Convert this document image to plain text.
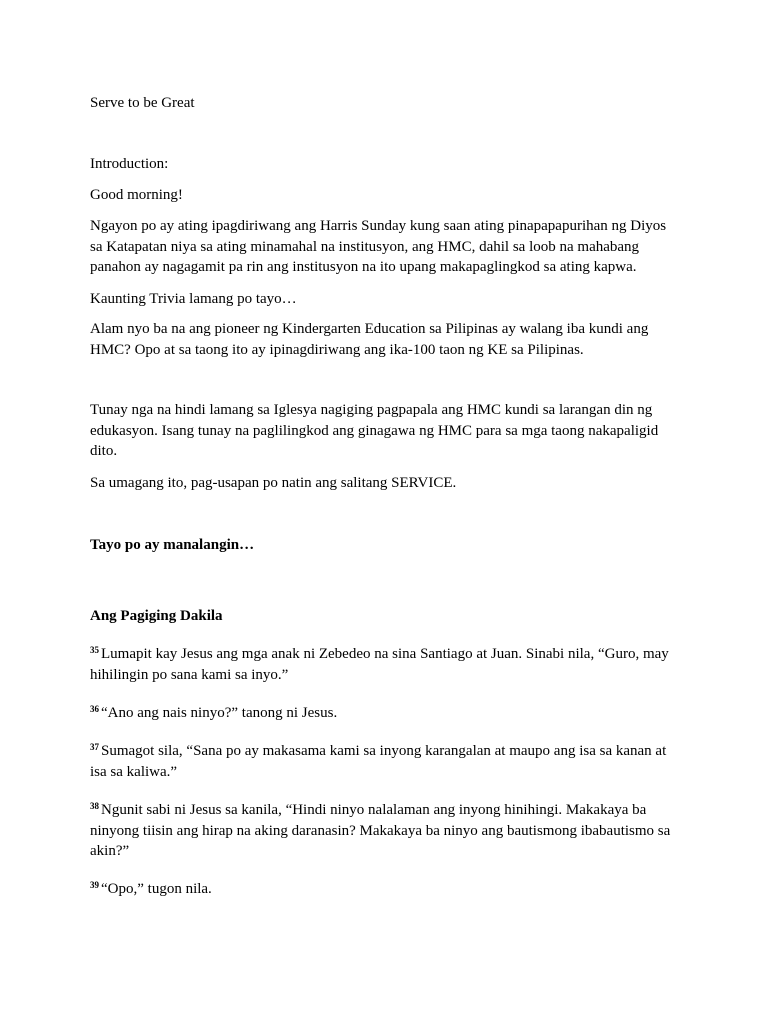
Serve to be Great

Introduction:

Good morning!

Ngayon po ay ating ipagdiriwang ang Harris Sunday kung saan ating pinapapapurihan ng Diyos sa Katapatan niya sa ating minamahal na institusyon, ang HMC, dahil sa loob na mahabang panahon ay nagagamit pa rin ang institusyon na ito upang makapaglingkod sa ating kapwa.

Kaunting Trivia lamang po tayo…

Alam nyo ba na ang pioneer ng Kindergarten Education sa Pilipinas ay walang iba kundi ang HMC? Opo at sa taong ito ay ipinagdiriwang ang ika-100 taon ng KE sa Pilipinas.

Tunay nga na hindi lamang sa Iglesya nagiging pagpapala ang HMC kundi sa larangan din ng edukasyon. Isang tunay na paglilingkod ang ginagawa ng HMC para sa mga taong nakapaligid dito.

Sa umagang ito, pag-usapan po natin ang salitang SERVICE.

Tayo po ay manalangin…

Ang Pagiging Dakila

$^{35}$ Lumapit kay Jesus ang mga anak ni Zebedeo na sina Santiago at Juan. Sinabi nila, “Guro, may hihilingin po sana kami sa inyo.”

$^{36}$ “Ano ang nais ninyo?” tanong ni Jesus.

$^{37}$ Sumagot sila, “Sana po ay makasama kami sa inyong karangalan at maupo ang isa sa kanan at isa sa kaliwa.”

$^{38}$ Ngunit sabi ni Jesus sa kanila, “Hindi ninyo nalalaman ang inyong hinihingi. Makakaya ba ninyong tiisin ang hirap na aking daranasin? Makakaya ba ninyo ang bautismong ibabautismo sa akin?”

$^{39}$ “Opo,” tugon nila.
